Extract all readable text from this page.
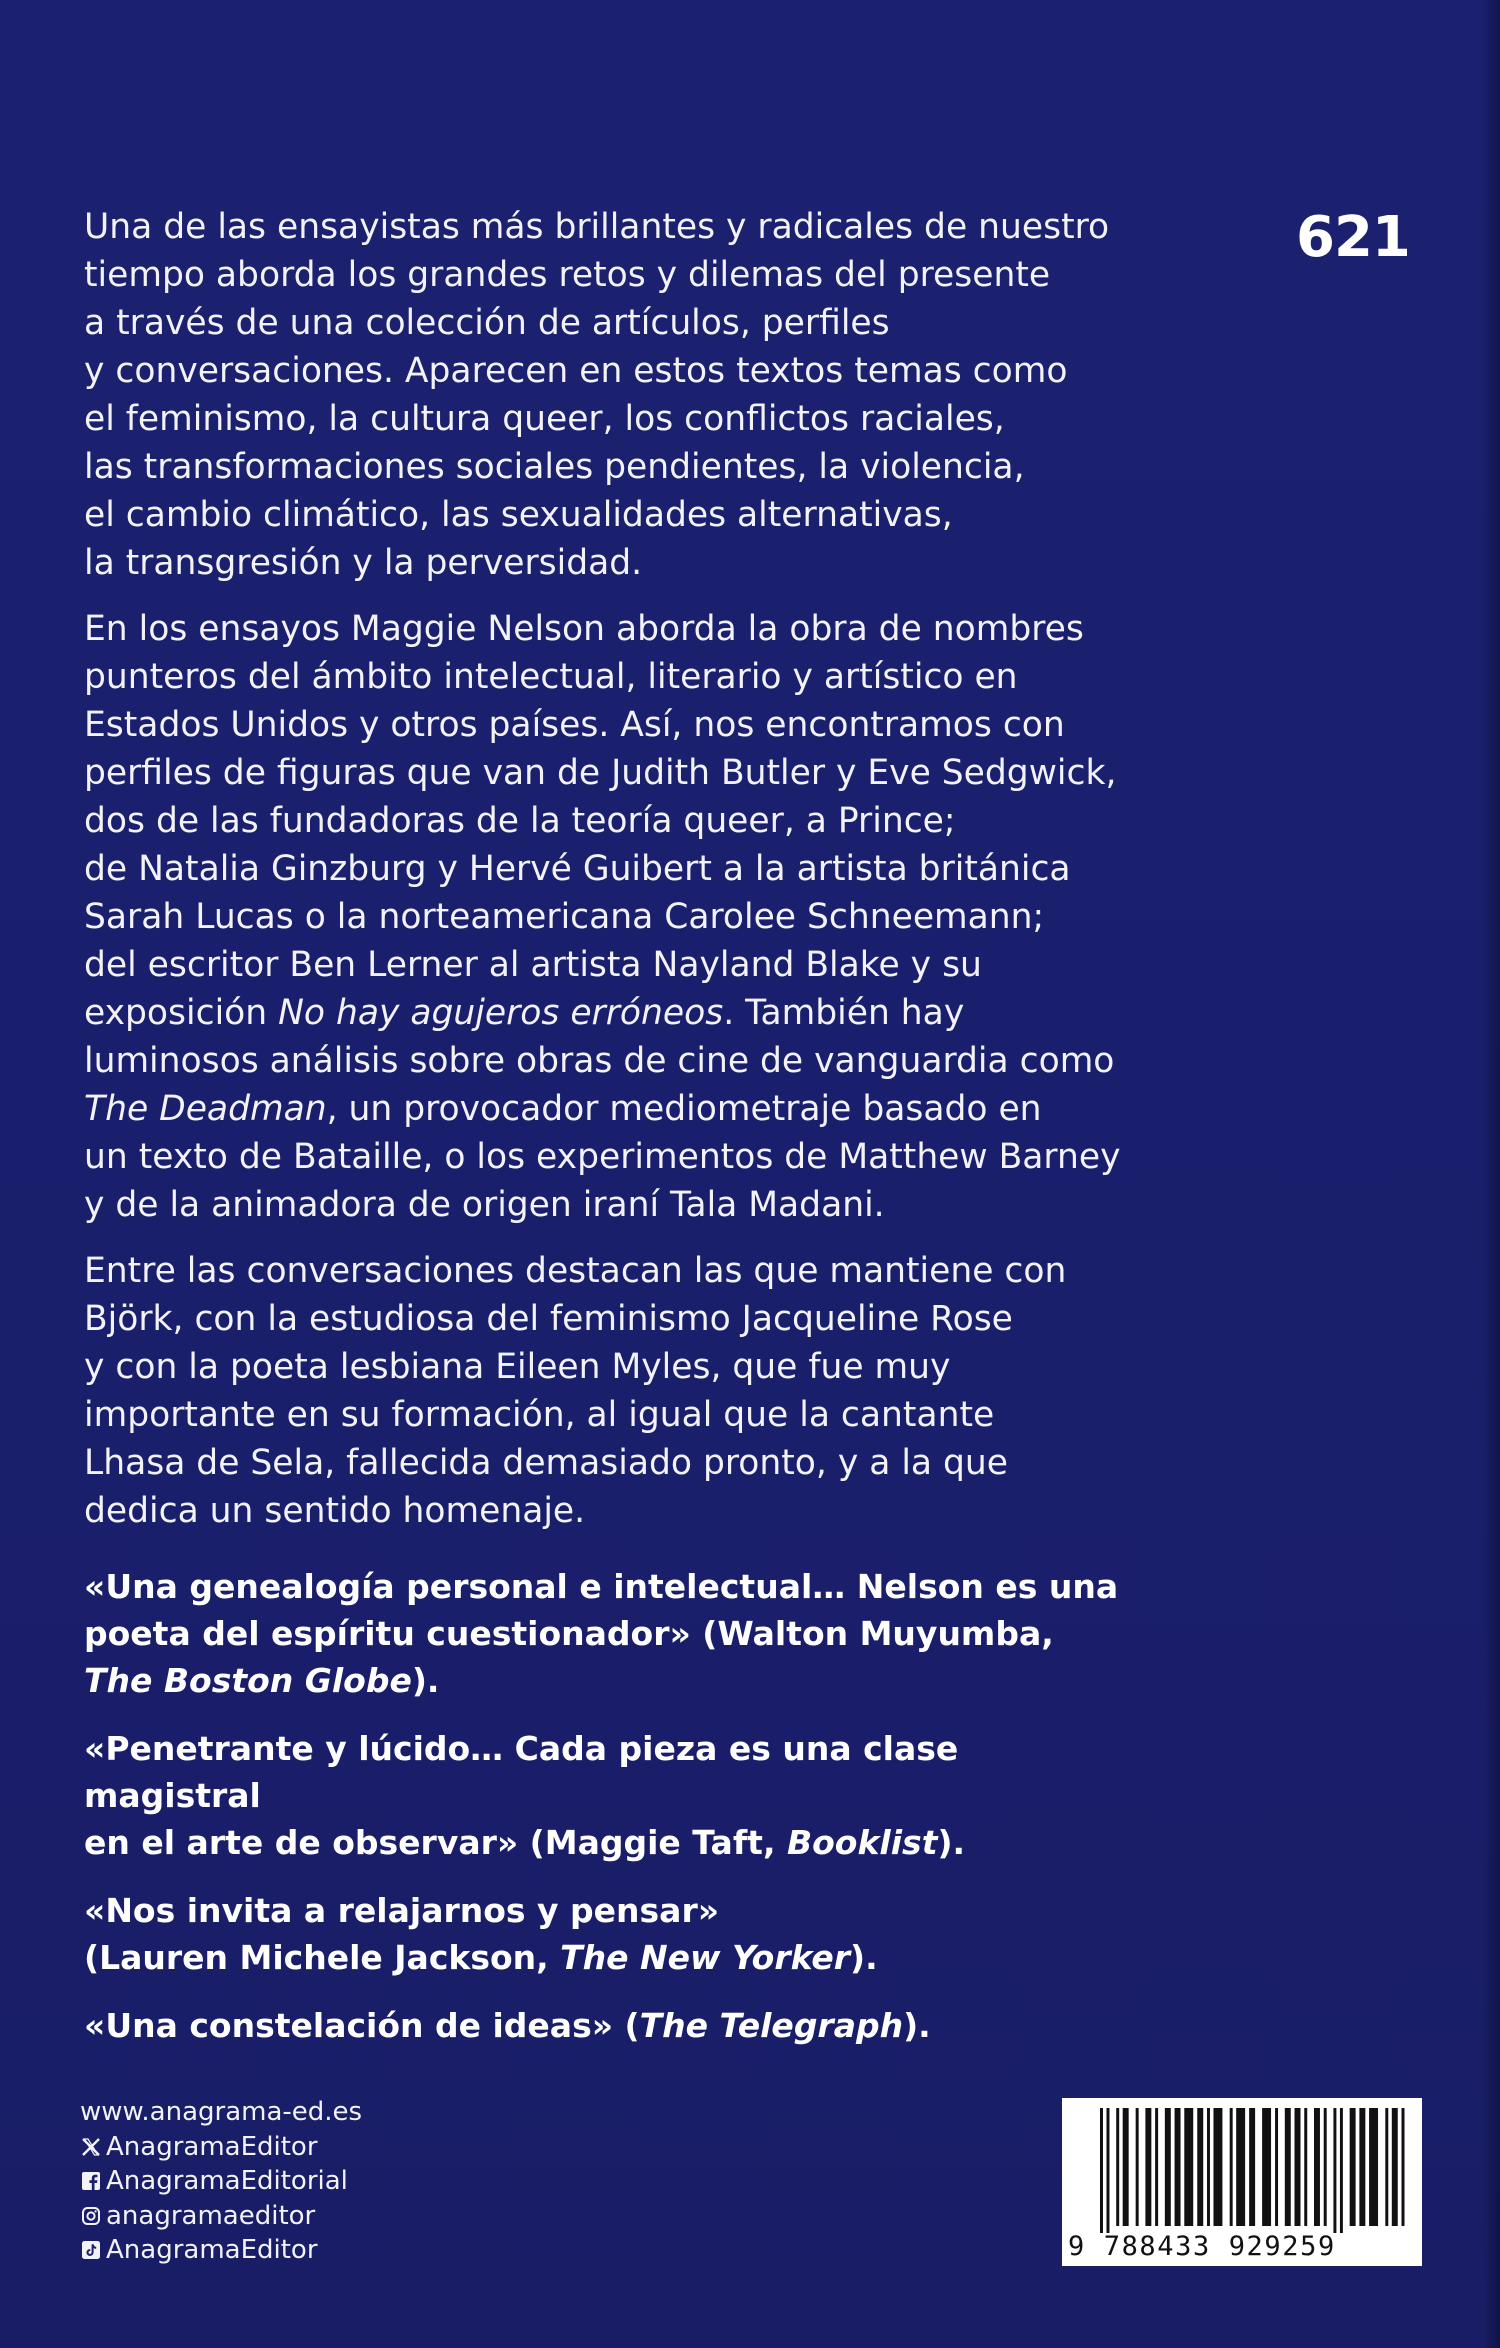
621

Una de las ensayistas más brillantes y radicales de nuestro
tiempo aborda los grandes retos y dilemas del presente
a través de una colección de artículos, perfiles
y conversaciones. Aparecen en estos textos temas como
el feminismo, la cultura queer, los conflictos raciales,
las transformaciones sociales pendientes, la violencia,
el cambio climático, las sexualidades alternativas,
la transgresión y la perversidad.

En los ensayos Maggie Nelson aborda la obra de nombres
punteros del ámbito intelectual, literario y artístico en
Estados Unidos y otros países. Así, nos encontramos con
perfiles de figuras que van de Judith Butler y Eve Sedgwick,
dos de las fundadoras de la teoría queer, a Prince;
de Natalia Ginzburg y Hervé Guibert a la artista británica
Sarah Lucas o la norteamericana Carolee Schneemann;
del escritor Ben Lerner al artista Nayland Blake y su
exposición No hay agujeros erróneos. También hay
luminosos análisis sobre obras de cine de vanguardia como
The Deadman, un provocador mediometraje basado en
un texto de Bataille, o los experimentos de Matthew Barney
y de la animadora de origen iraní Tala Madani.

Entre las conversaciones destacan las que mantiene con
Björk, con la estudiosa del feminismo Jacqueline Rose
y con la poeta lesbiana Eileen Myles, que fue muy
importante en su formación, al igual que la cantante
Lhasa de Sela, fallecida demasiado pronto, y a la que
dedica un sentido homenaje.

«Una genealogía personal e intelectual… Nelson es una
poeta del espíritu cuestionador» (Walton Muyumba,
The Boston Globe).

«Penetrante y lúcido… Cada pieza es una clase magistral
en el arte de observar» (Maggie Taft, Booklist).

«Nos invita a relajarnos y pensar»
(Lauren Michele Jackson, The New Yorker).

«Una constelación de ideas» (The Telegraph).

www.anagrama-ed.es
AnagramaEditor
AnagramaEditorial
anagramaeditor
AnagramaEditor	9 788433 929259
